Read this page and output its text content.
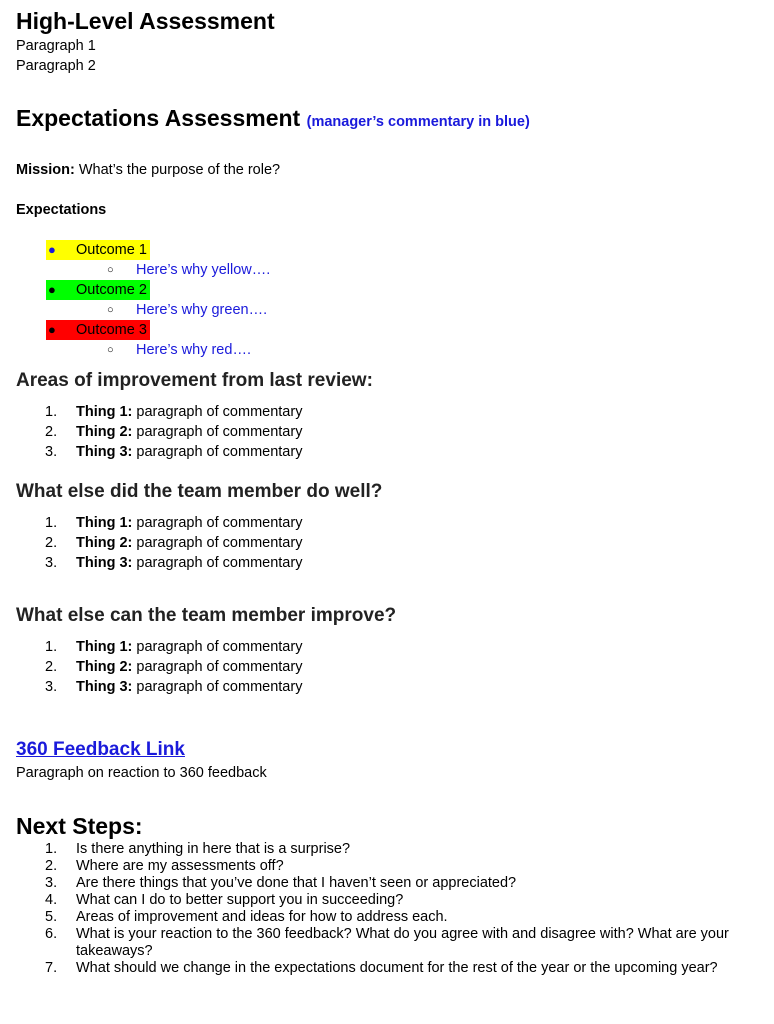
High-Level Assessment

Paragraph 1

Paragraph 2

Expectations Assessment (manager’s commentary in blue)

Mission: What’s the purpose of the role?

Expectations

● Outcome 1
○ Here’s why yellow….
● Outcome 2
○ Here’s why green….
● Outcome 3
○ Here’s why red….
Areas of improvement from last review:
1. Thing 1: paragraph of commentary
2. Thing 2: paragraph of commentary
3. Thing 3: paragraph of commentary
What else did the team member do well?
1. Thing 1: paragraph of commentary
2. Thing 2: paragraph of commentary
3. Thing 3: paragraph of commentary
What else can the team member improve?
1. Thing 1: paragraph of commentary
2. Thing 2: paragraph of commentary
3. Thing 3: paragraph of commentary
360 Feedback Link

Paragraph on reaction to 360 feedback

Next Steps:
1. Is there anything in here that is a surprise?
2. Where are my assessments off?
3. Are there things that you’ve done that I haven’t seen or appreciated?
4. What can I do to better support you in succeeding?
5. Areas of improvement and ideas for how to address each.
6. What is your reaction to the 360 feedback? What do you agree with and disagree with? What are your takeaways?
7. What should we change in the expectations document for the rest of the year or the upcoming year?
